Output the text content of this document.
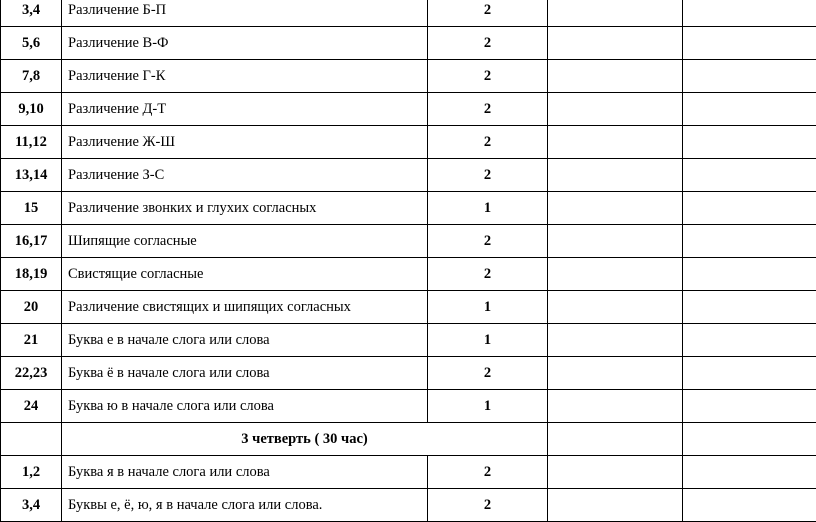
3,4	Различение Б-П	2		
5,6	Различение В-Ф	2		
7,8	Различение Г-К	2		
9,10	Различение Д-Т	2		
11,12	Различение Ж-Ш	2		
13,14	Различение З-С	2		
15	Различение звонких и глухих согласных	1		
16,17	Шипящие согласные	2		
18,19	Свистящие согласные	2		
20	Различение свистящих и шипящих согласных	1		
21	Буква е в начале слога или слова	1		
22,23	Буква ё в начале слога или слова	2		
24	Буква ю в начале слога или слова	1		
	3 четверть ( 30 час)			
1,2	Буква я в начале слога или слова	2		
3,4	Буквы е, ё, ю, я в начале слога или слова.	2		
